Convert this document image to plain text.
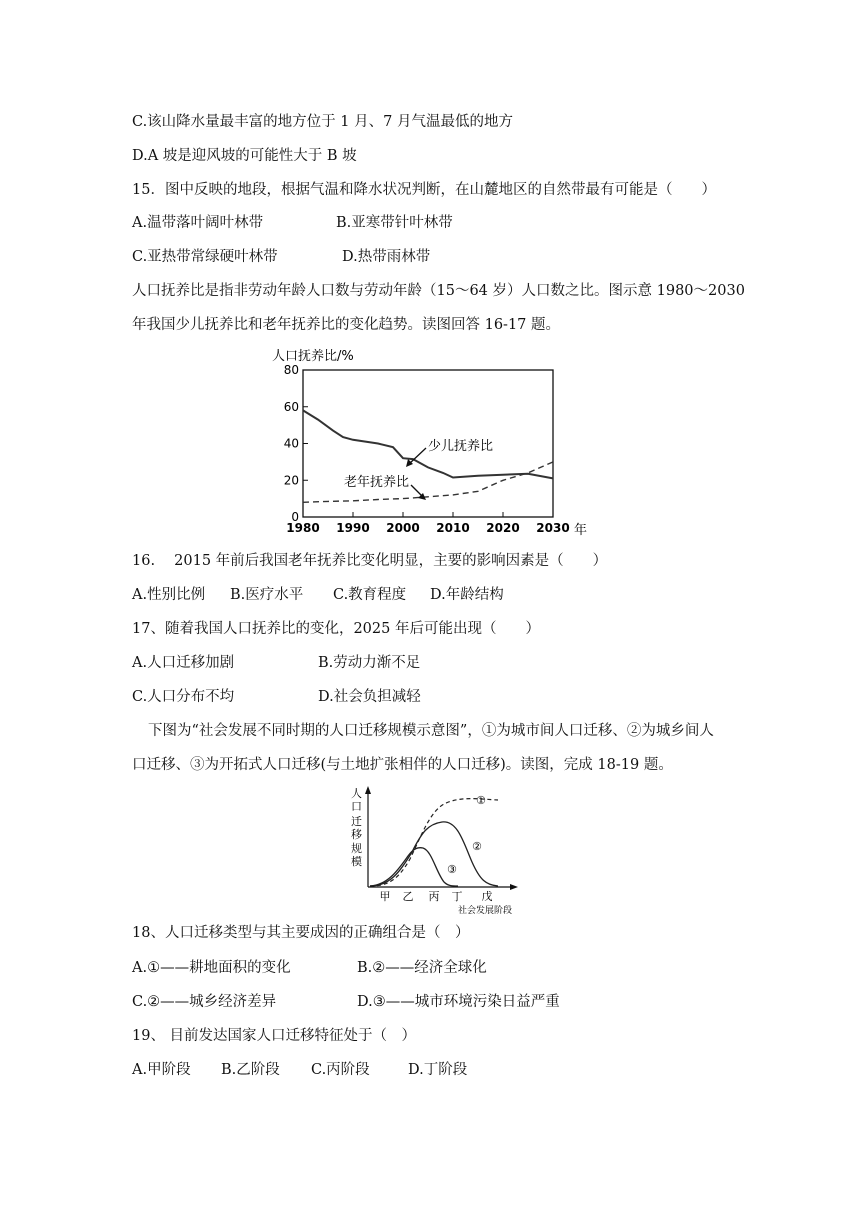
C.该山降水量最丰富的地方位于 1 月、7 月气温最低的地方
D.A 坡是迎风坡的可能性大于 B 坡
15．图中反映的地段，根据气温和降水状况判断，在山麓地区的自然带最有可能是（　　）
A.温带落叶阔叶林带	B.亚寒带针叶林带
C.亚热带常绿硬叶林带	D.热带雨林带
人口抚养比是指非劳动年龄人口数与劳动年龄（15～64 岁）人口数之比。图示意 1980～2030
年我国少儿抚养比和老年抚养比的变化趋势。读图回答 16-17 题。
人口抚养比/%
0
20
40
60
80
1980 1990 2000 2010 2020 2030
少儿抚养比
老年抚养比
年
16.　 2015 年前后我国老年抚养比变化明显，主要的影响因素是（　　）
A.性别比例 B.医疗水平 C.教育程度 D.年龄结构
17、随着我国人口抚养比的变化，2025 年后可能出现（　　）
A.人口迁移加剧	B.劳动力渐不足
C.人口分布不均	D.社会负担减轻
下图为“社会发展不同时期的人口迁移规模示意图”，①为城市间人口迁移、②为城乡间人
口迁移、③为开拓式人口迁移(与土地扩张相伴的人口迁移)。读图，完成 18-19 题。
人
口
迁
移
规
模
①
②
③
甲 乙 丙 丁 戊
社会发展阶段
18、人口迁移类型与其主要成因的正确组合是（　）
A.①——耕地面积的变化	B.②——经济全球化
C.②——城乡经济差异	D.③——城市环境污染日益严重
19、 目前发达国家人口迁移特征处于（　）
A.甲阶段 B.乙阶段 C.丙阶段	D.丁阶段
